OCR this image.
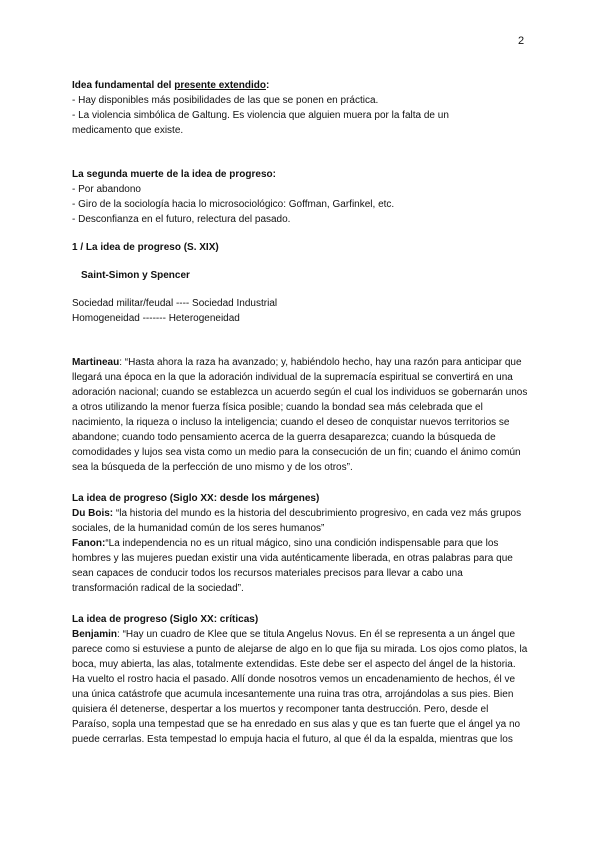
2

Idea fundamental del presente extendido:

- Hay disponibles más posibilidades de las que se ponen en práctica.

- La violencia simbólica de Galtung. Es violencia que alguien muera por la falta de un

medicamento que existe.

La segunda muerte de la idea de progreso:

- Por abandono

- Giro de la sociología hacia lo microsociológico: Goffman, Garfinkel, etc.

- Desconfianza en el futuro, relectura del pasado.

1 / La idea de progreso (S. XIX)

Saint-Simon y Spencer

Sociedad militar/feudal ---- Sociedad Industrial

Homogeneidad ------- Heterogeneidad

Martineau: “Hasta ahora la raza ha avanzado; y, habiéndolo hecho, hay una razón para anticipar que llegará una época en la que la adoración individual de la supremacía espiritual se convertirá en una adoración nacional; cuando se establezca un acuerdo según el cual los individuos se gobernarán unos a otros utilizando la menor fuerza física posible; cuando la bondad sea más celebrada que el nacimiento, la riqueza o incluso la inteligencia; cuando el deseo de conquistar nuevos territorios se abandone; cuando todo pensamiento acerca de la guerra desaparezca; cuando la búsqueda de comodidades y lujos sea vista como un medio para la consecución de un fin; cuando el ánimo común sea la búsqueda de la perfección de uno mismo y de los otros”.

La idea de progreso (Siglo XX: desde los márgenes)

Du Bois: “la historia del mundo es la historia del descubrimiento progresivo, en cada vez más grupos sociales, de la humanidad común de los seres humanos”

Fanon:“La independencia no es un ritual mágico, sino una condición indispensable para que los hombres y las mujeres puedan existir una vida auténticamente liberada, en otras palabras para que sean capaces de conducir todos los recursos materiales precisos para llevar a cabo una transformación radical de la sociedad”.

La idea de progreso (Siglo XX: críticas)

Benjamin: “Hay un cuadro de Klee que se titula Angelus Novus. En él se representa a un ángel que parece como si estuviese a punto de alejarse de algo en lo que fija su mirada. Los ojos como platos, la boca, muy abierta, las alas, totalmente extendidas. Este debe ser el aspecto del ángel de la historia. Ha vuelto el rostro hacia el pasado. Allí donde nosotros vemos un encadenamiento de hechos, él ve una única catástrofe que acumula incesantemente una ruina tras otra, arrojándolas a sus pies. Bien quisiera él detenerse, despertar a los muertos y recomponer tanta destrucción. Pero, desde el Paraíso, sopla una tempestad que se ha enredado en sus alas y que es tan fuerte que el ángel ya no puede cerrarlas. Esta tempestad lo empuja hacia el futuro, al que él da la espalda, mientras que los
